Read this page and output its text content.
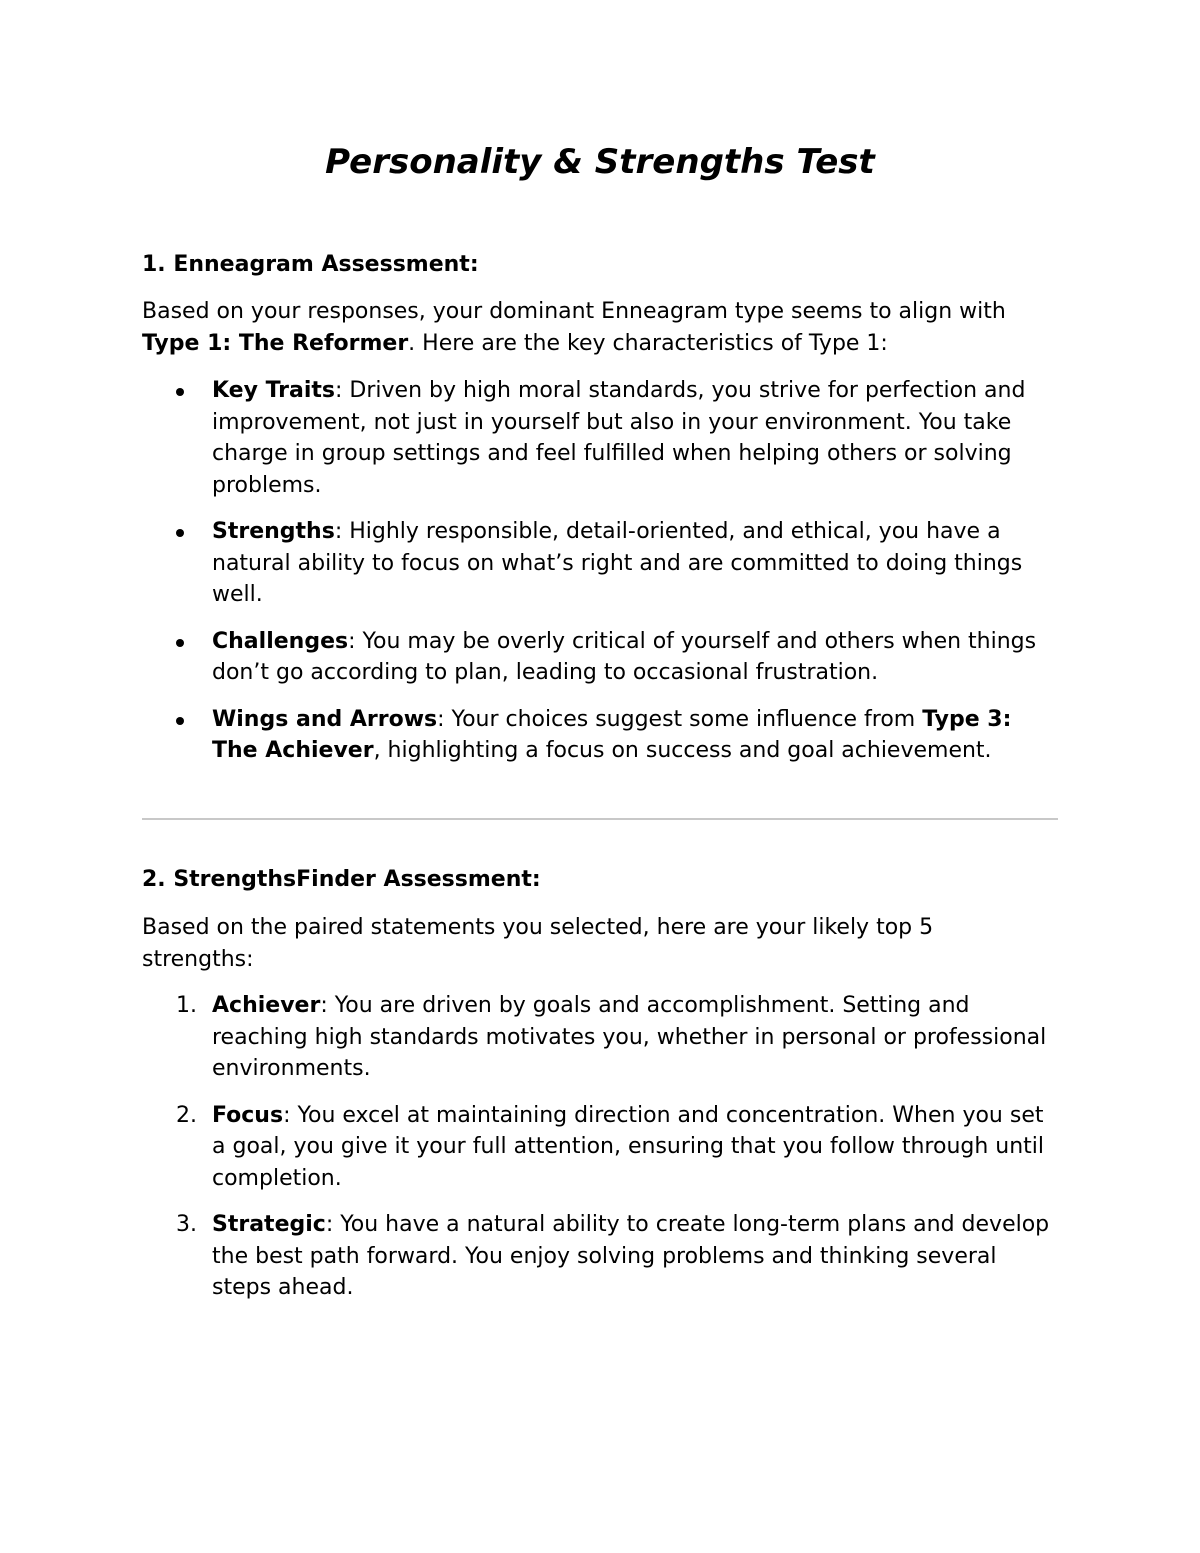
Personality & Strengths Test
1. Enneagram Assessment:

Based on your responses, your dominant Enneagram type seems to align with Type 1: The Reformer. Here are the key characteristics of Type 1:

Key Traits: Driven by high moral standards, you strive for perfection and improvement, not just in yourself but also in your environment. You take charge in group settings and feel fulfilled when helping others or solving problems.
Strengths: Highly responsible, detail-oriented, and ethical, you have a natural ability to focus on what’s right and are committed to doing things well.
Challenges: You may be overly critical of yourself and others when things don’t go according to plan, leading to occasional frustration.
Wings and Arrows: Your choices suggest some influence from Type 3: The Achiever, highlighting a focus on success and goal achievement.
2. StrengthsFinder Assessment:

Based on the paired statements you selected, here are your likely top 5 strengths:

1. Achiever: You are driven by goals and accomplishment. Setting and reaching high standards motivates you, whether in personal or professional environments.
2. Focus: You excel at maintaining direction and concentration. When you set a goal, you give it your full attention, ensuring that you follow through until completion.
3. Strategic: You have a natural ability to create long-term plans and develop the best path forward. You enjoy solving problems and thinking several steps ahead.
